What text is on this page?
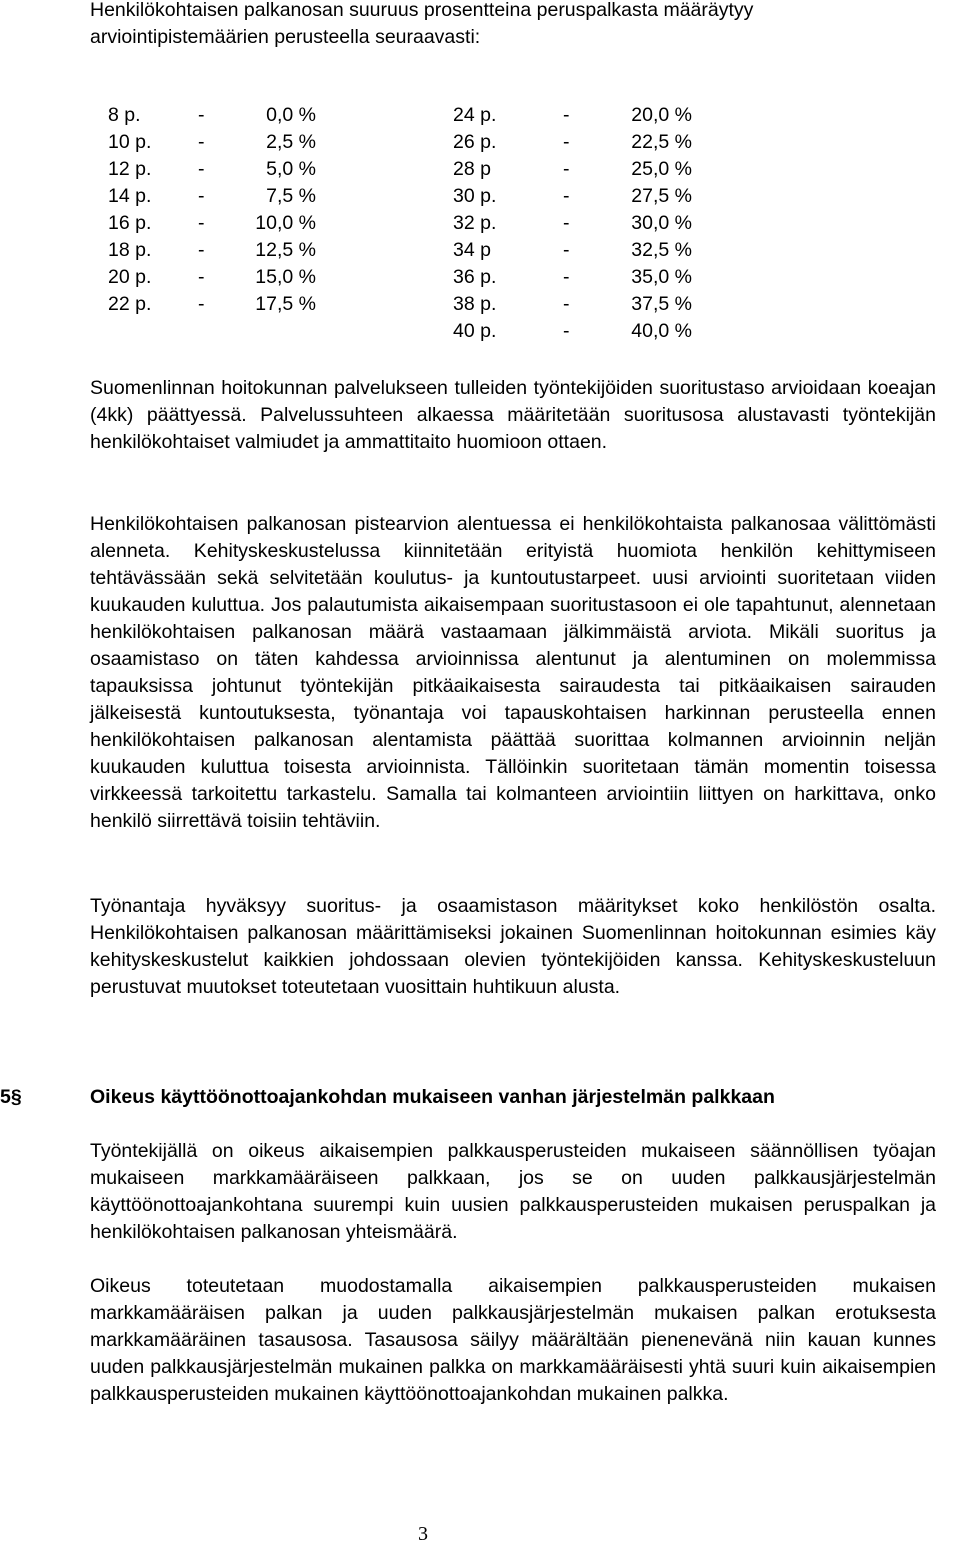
Henkilökohtaisen palkanosan suuruus prosentteina peruspalkasta määräytyy

arviointipistemäärien perusteella seuraavasti:

8 p.	-	0,0 %
10 p. -	2,5 %
12 p. -	5,0 %
14 p. -	7,5 %
16 p. -	10,0 %
18 p. -	12,5 %
20 p. -	15,0 %
22 p. -	17,5 %
24 p.	-	20,0 %
26 p.	-	22,5 %
28 p	-	25,0 %
30 p.	-	27,5 %
32 p.	-	30,0 %
34 p	-	32,5 %
36 p.	-	35,0 %
38 p.	-	37,5 %
40 p.	-	40,0 %

Suomenlinnan hoitokunnan palvelukseen tulleiden työntekijöiden suoritustaso arvioidaan koeajan (4kk) päättyessä. Palvelussuhteen alkaessa määritetään suoritusosa alustavasti työntekijän henkilökohtaiset valmiudet ja ammattitaito huomioon ottaen.

Henkilökohtaisen palkanosan pistearvion alentuessa ei henkilökohtaista palkanosaa välittömästi alenneta. Kehityskeskustelussa kiinnitetään erityistä huomiota henkilön kehittymiseen tehtävässään sekä selvitetään koulutus- ja kuntoutustarpeet. uusi arviointi suoritetaan viiden kuukauden kuluttua. Jos palautumista aikaisempaan suoritustasoon ei ole tapahtunut, alennetaan henkilökohtaisen palkanosan määrä vastaamaan jälkimmäistä arviota. Mikäli suoritus ja osaamistaso on täten kahdessa arvioinnissa alentunut ja alentuminen on molemmissa tapauksissa johtunut työntekijän pitkäaikaisesta sairaudesta tai pitkäaikaisen sairauden jälkeisestä kuntoutuksesta, työnantaja voi tapauskohtaisen harkinnan perusteella ennen henkilökohtaisen palkanosan alentamista päättää suorittaa kolmannen arvioinnin neljän kuukauden kuluttua toisesta arvioinnista. Tällöinkin suoritetaan tämän momentin toisessa virkkeessä tarkoitettu tarkastelu. Samalla tai kolmanteen arviointiin liittyen on harkittava, onko henkilö siirrettävä toisiin tehtäviin.

Työnantaja hyväksyy suoritus- ja osaamistason määritykset koko henkilöstön osalta. Henkilökohtaisen palkanosan määrittämiseksi jokainen Suomenlinnan hoitokunnan esimies käy kehityskeskustelut kaikkien johdossaan olevien työntekijöiden kanssa. Kehityskeskusteluun perustuvat muutokset toteutetaan vuosittain huhtikuun alusta.

5§	Oikeus käyttöönottoajankohdan mukaiseen vanhan järjestelmän palkkaan

Työntekijällä on oikeus aikaisempien palkkausperusteiden mukaiseen säännöllisen työajan mukaiseen markkamääräiseen palkkaan, jos se on uuden palkkausjärjestelmän käyttöönottoajankohtana suurempi kuin uusien palkkausperusteiden mukaisen peruspalkan ja henkilökohtaisen palkanosan yhteismäärä.

Oikeus toteutetaan muodostamalla aikaisempien palkkausperusteiden mukaisen markkamääräisen palkan ja uuden palkkausjärjestelmän mukaisen palkan erotuksesta markkamääräinen tasausosa. Tasausosa säilyy määrältään pienenevänä niin kauan kunnes uuden palkkausjärjestelmän mukainen palkka on markkamääräisesti yhtä suuri kuin aikaisempien palkkausperusteiden mukainen käyttöönottoajankohdan mukainen palkka.

3
